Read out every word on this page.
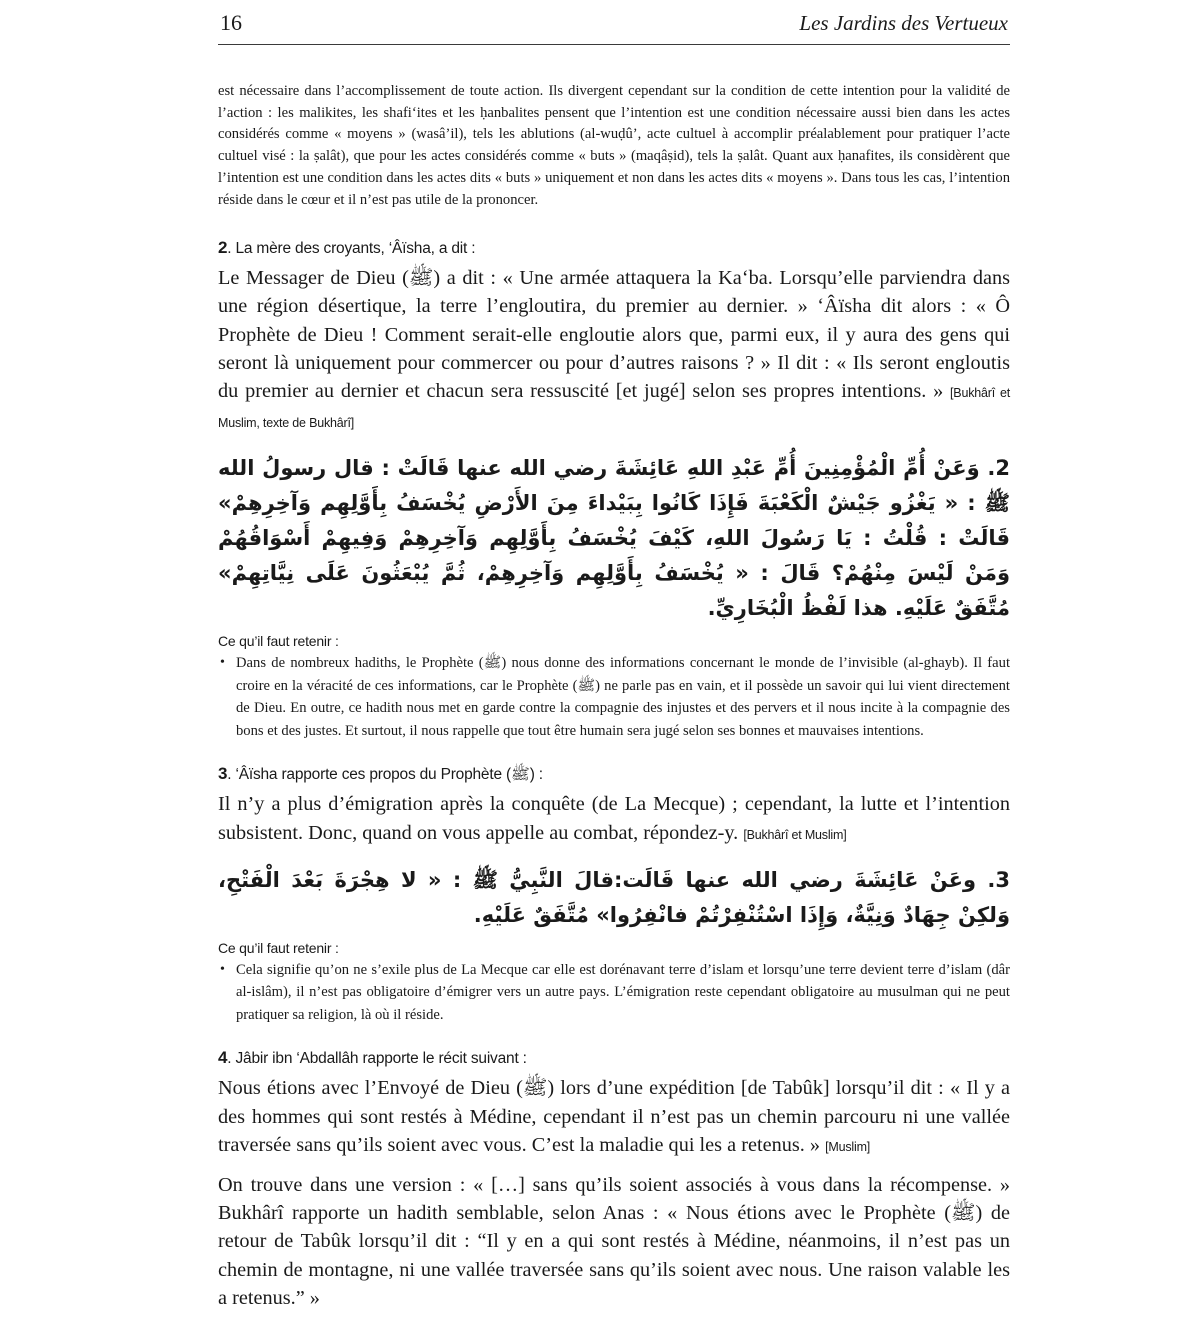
16	Les Jardins des Vertueux
est nécessaire dans l’accomplissement de toute action. Ils divergent cependant sur la condition de cette intention pour la validité de l’action : les malikites, les shafi‘ites et les ḥanbalites pensent que l’intention est une condition nécessaire aussi bien dans les actes considérés comme « moyens » (wasâ’il), tels les ablutions (al-wuḍû’, acte cultuel à accomplir préalablement pour pratiquer l’acte cultuel visé : la ṣalât), que pour les actes considérés comme « buts » (maqâṣid), tels la ṣalât. Quant aux ḥanafites, ils considèrent que l’intention est une condition dans les actes dits « buts » uniquement et non dans les actes dits « moyens ». Dans tous les cas, l’intention réside dans le cœur et il n’est pas utile de la prononcer.
2. La mère des croyants, ‘Âïsha, a dit :
Le Messager de Dieu (ﷺ) a dit : « Une armée attaquera la Ka‘ba. Lorsqu’elle parviendra dans une région désertique, la terre l’engloutira, du premier au dernier. » ‘Âïsha dit alors : « Ô Prophète de Dieu ! Comment serait-elle engloutie alors que, parmi eux, il y aura des gens qui seront là uniquement pour commercer ou pour d’autres raisons ? » Il dit : « Ils seront engloutis du premier au dernier et chacun sera ressuscité [et jugé] selon ses propres intentions. » [Bukhârî et Muslim, texte de Bukhârî]
2. وَعَنْ أُمِّ الْمُؤْمِنِينَ أُمِّ عَبْدِ اللهِ عَائِشَةَ رضي الله عنها قَالَتْ : قال رسولُ الله ﷺ : « يَغْزُو جَيْشٌ الْكَعْبَةَ فَإِذَا كَانُوا بِبَيْداءَ مِنَ الأَرْضِ يُخْسَفُ بِأَوَّلِهِم وَآخِرِهِمْ» قَالَتْ : قُلْتُ : يَا رَسُولَ اللهِ، كَيْفَ يُخْسَفُ بِأَوَّلِهِم وَآخِرِهِمْ وَفِيهِمْ أَسْوَاقُهُمْ وَمَنْ لَيْسَ مِنْهُمْ؟ قَالَ : « يُخْسَفُ بِأَوَّلِهِم وَآخِرِهِمْ، ثُمَّ يُبْعَثُونَ عَلَى نِيَّاتِهِمْ» مُتَّفَقٌ عَلَيْهِ. هذا لَفْظُ الْبُخَارِيِّ.
Ce qu’il faut retenir :
• Dans de nombreux hadiths, le Prophète (ﷺ) nous donne des informations concernant le monde de l’invisible (al-ghayb). Il faut croire en la véracité de ces informations, car le Prophète (ﷺ) ne parle pas en vain, et il possède un savoir qui lui vient directement de Dieu. En outre, ce hadith nous met en garde contre la compagnie des injustes et des pervers et il nous incite à la compagnie des bons et des justes. Et surtout, il nous rappelle que tout être humain sera jugé selon ses bonnes et mauvaises intentions.
3. ‘Âïsha rapporte ces propos du Prophète (ﷺ) :
Il n’y a plus d’émigration après la conquête (de La Mecque) ; cependant, la lutte et l’intention subsistent. Donc, quand on vous appelle au combat, répondez-y. [Bukhârî et Muslim]
3. وعَنْ عَائِشَةَ رضي الله عنها قَالَت:قالَ النَّبِيُّ ﷺ : « لا هِجْرَةَ بَعْدَ الْفَتْحِ، وَلكِنْ جِهَادٌ وَنِيَّةٌ، وَإِذَا اسْتُنْفِرْتُمْ فانْفِرُوا» مُتَّفَقٌ عَلَيْهِ.
Ce qu’il faut retenir :
• Cela signifie qu’on ne s’exile plus de La Mecque car elle est dorénavant terre d’islam et lorsqu’une terre devient terre d’islam (dâr al-islâm), il n’est pas obligatoire d’émigrer vers un autre pays. L’émigration reste cependant obligatoire au musulman qui ne peut pratiquer sa religion, là où il réside.
4. Jâbir ibn ‘Abdallâh rapporte le récit suivant :
Nous étions avec l’Envoyé de Dieu (ﷺ) lors d’une expédition [de Tabûk] lorsqu’il dit : « Il y a des hommes qui sont restés à Médine, cependant il n’est pas un chemin parcouru ni une vallée traversée sans qu’ils soient avec vous. C’est la maladie qui les a retenus. » [Muslim]
On trouve dans une version : « […] sans qu’ils soient associés à vous dans la récompense. » Bukhârî rapporte un hadith semblable, selon Anas : « Nous étions avec le Prophète (ﷺ) de retour de Tabûk lorsqu’il dit : “Il y en a qui sont restés à Médine, néanmoins, il n’est pas un chemin de montagne, ni une vallée traversée sans qu’ils soient avec nous. Une raison valable les a retenus.” »
